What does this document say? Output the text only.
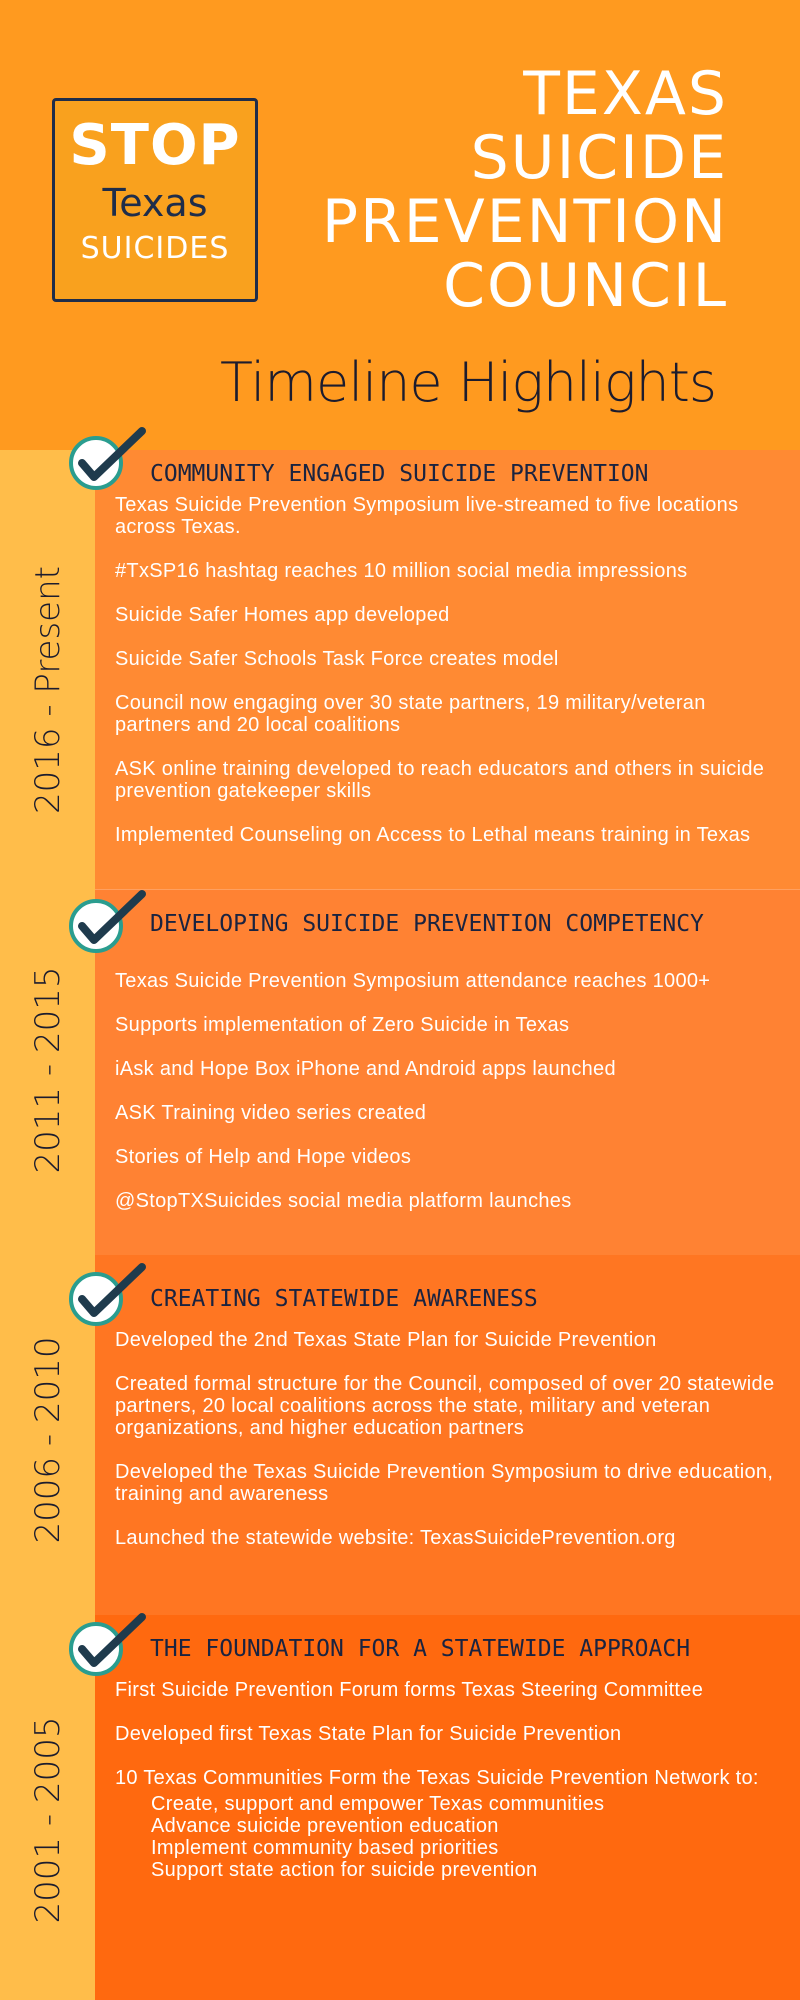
STOP
Texas
SUICIDES
TEXAS
SUICIDE
PREVENTION
COUNCIL
Timeline Highlights
COMMUNITY ENGAGED SUICIDE PREVENTION
Texas Suicide Prevention Symposium live-streamed to five locations across Texas.
#TxSP16 hashtag reaches 10 million social media impressions
Suicide Safer Homes app developed
Suicide Safer Schools Task Force creates model
Council now engaging over 30 state partners, 19 military/veteran partners and 20 local coalitions
ASK online training developed to reach educators and others in suicide prevention gatekeeper skills
Implemented Counseling on Access to Lethal means training in Texas
DEVELOPING SUICIDE PREVENTION COMPETENCY
Texas Suicide Prevention Symposium attendance reaches 1000+
Supports implementation of Zero Suicide in Texas
iAsk and Hope Box iPhone and Android apps launched
ASK Training video series created
Stories of Help and Hope videos
@StopTXSuicides social media platform launches
CREATING STATEWIDE AWARENESS
Developed the 2nd Texas State Plan for Suicide Prevention
Created formal structure for the Council, composed of over 20 statewide partners, 20 local coalitions across the state, military and veteran organizations, and higher education partners
Developed the Texas Suicide Prevention Symposium to drive education, training and awareness
Launched the statewide website: TexasSuicidePrevention.org
THE FOUNDATION FOR A STATEWIDE APPROACH
First Suicide Prevention Forum forms Texas Steering Committee
Developed first Texas State Plan for Suicide Prevention
10 Texas Communities Form the Texas Suicide Prevention Network to:
Create, support and empower Texas communities
Advance suicide prevention education
Implement community based priorities
Support state action for suicide prevention
2016 - Present
2011 - 2015
2006 - 2010
2001 - 2005
